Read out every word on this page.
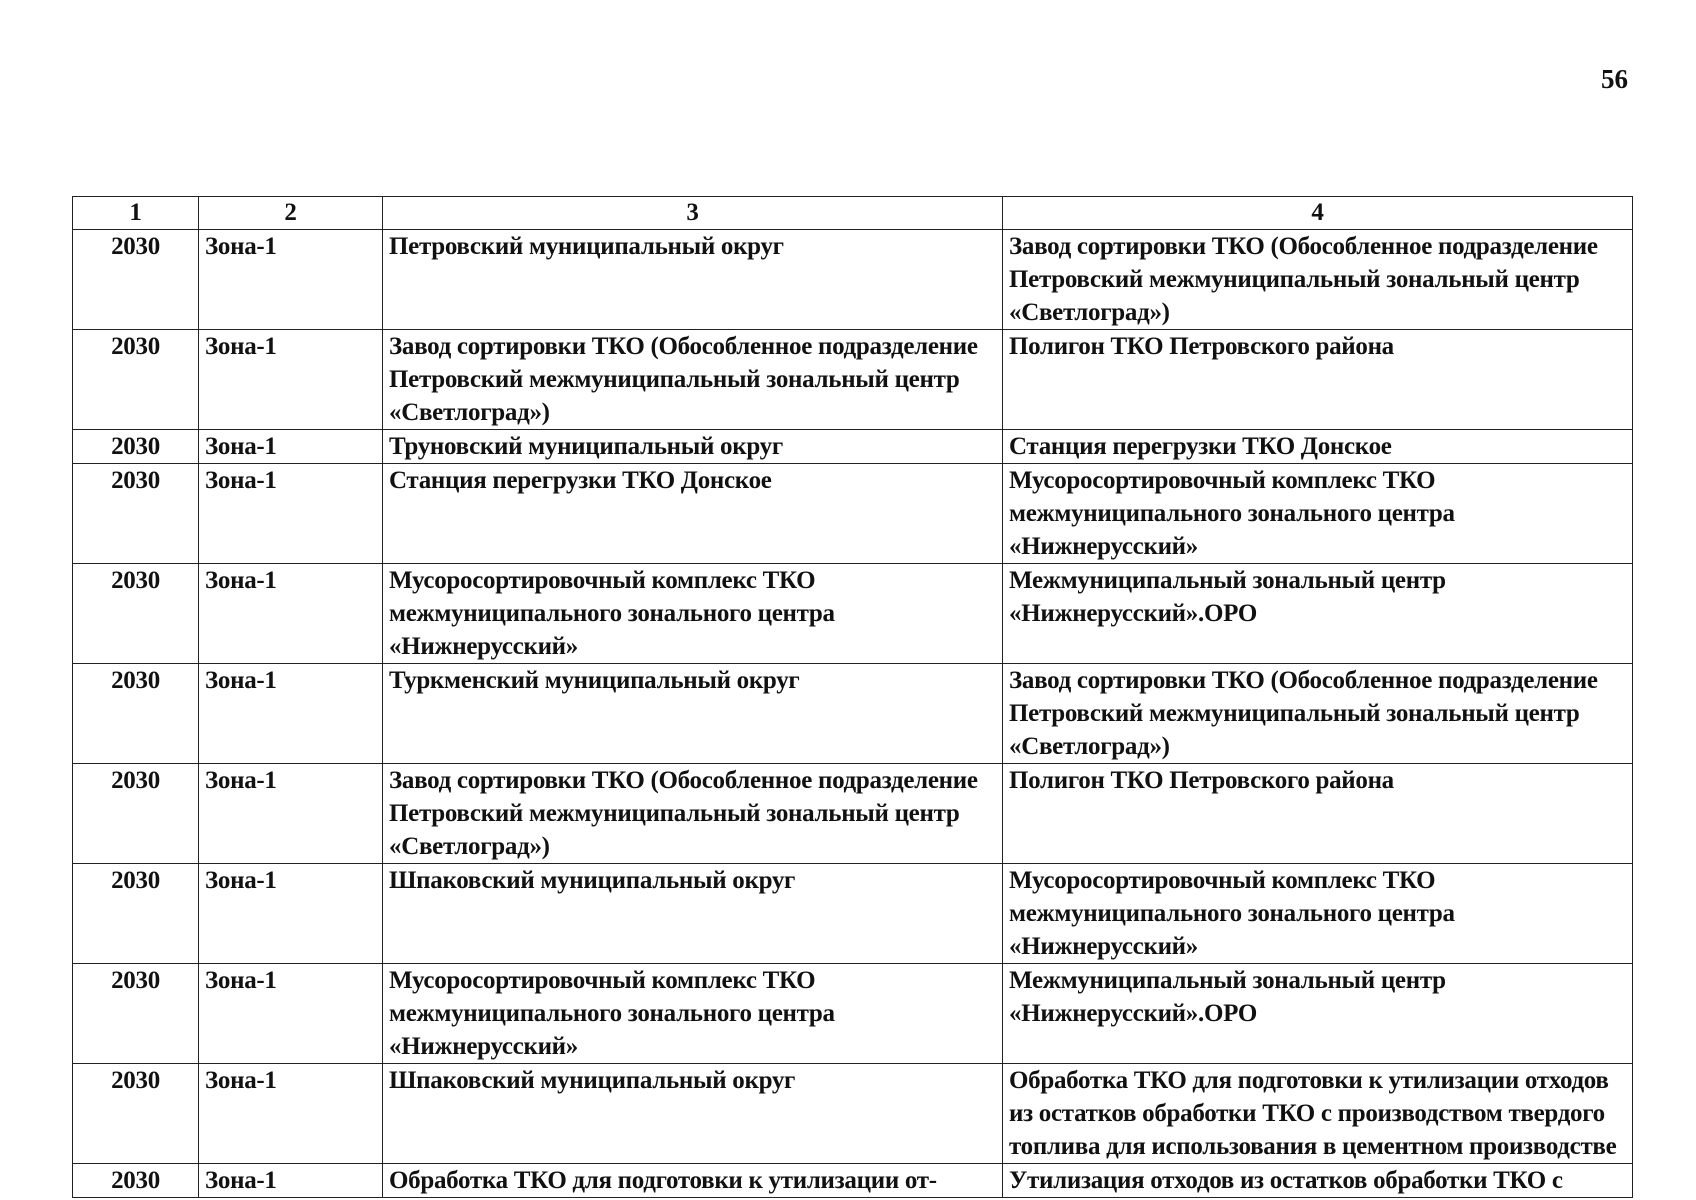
56
1	2	3	4
2030	Зона-1	Петровский муниципальный округ	Завод сортировки ТКО (Обособленное подразделение Петровский межмуниципальный зональный центр «Светлоград»)
2030	Зона-1	Завод сортировки ТКО (Обособленное подразделение Петровский межмуниципальный зональный центр «Светлоград»)	Полигон ТКО Петровского района
2030	Зона-1	Труновский муниципальный округ	Станция перегрузки ТКО Донское
2030	Зона-1	Станция перегрузки ТКО Донское	Мусоросортировочный комплекс ТКО межмуниципального зонального центра «Нижнерусский»
2030	Зона-1	Мусоросортировочный комплекс ТКО межмуниципального зонального центра «Нижнерусский»	Межмуниципальный зональный центр «Нижнерусский».ОРО
2030	Зона-1	Туркменский муниципальный округ	Завод сортировки ТКО (Обособленное подразделение Петровский межмуниципальный зональный центр «Светлоград»)
2030	Зона-1	Завод сортировки ТКО (Обособленное подразделение Петровский межмуниципальный зональный центр «Светлоград»)	Полигон ТКО Петровского района
2030	Зона-1	Шпаковский муниципальный округ	Мусоросортировочный комплекс ТКО межмуниципального зонального центра «Нижнерусский»
2030	Зона-1	Мусоросортировочный комплекс ТКО межмуниципального зонального центра «Нижнерусский»	Межмуниципальный зональный центр «Нижнерусский».ОРО
2030	Зона-1	Шпаковский муниципальный округ	Обработка ТКО для подготовки к утилизации отходов из остатков обработки ТКО с производством твердого топлива для использования в цементном производстве
2030	Зона-1	Обработка ТКО для подготовки к утилизации от-	Утилизация отходов из остатков обработки ТКО с
